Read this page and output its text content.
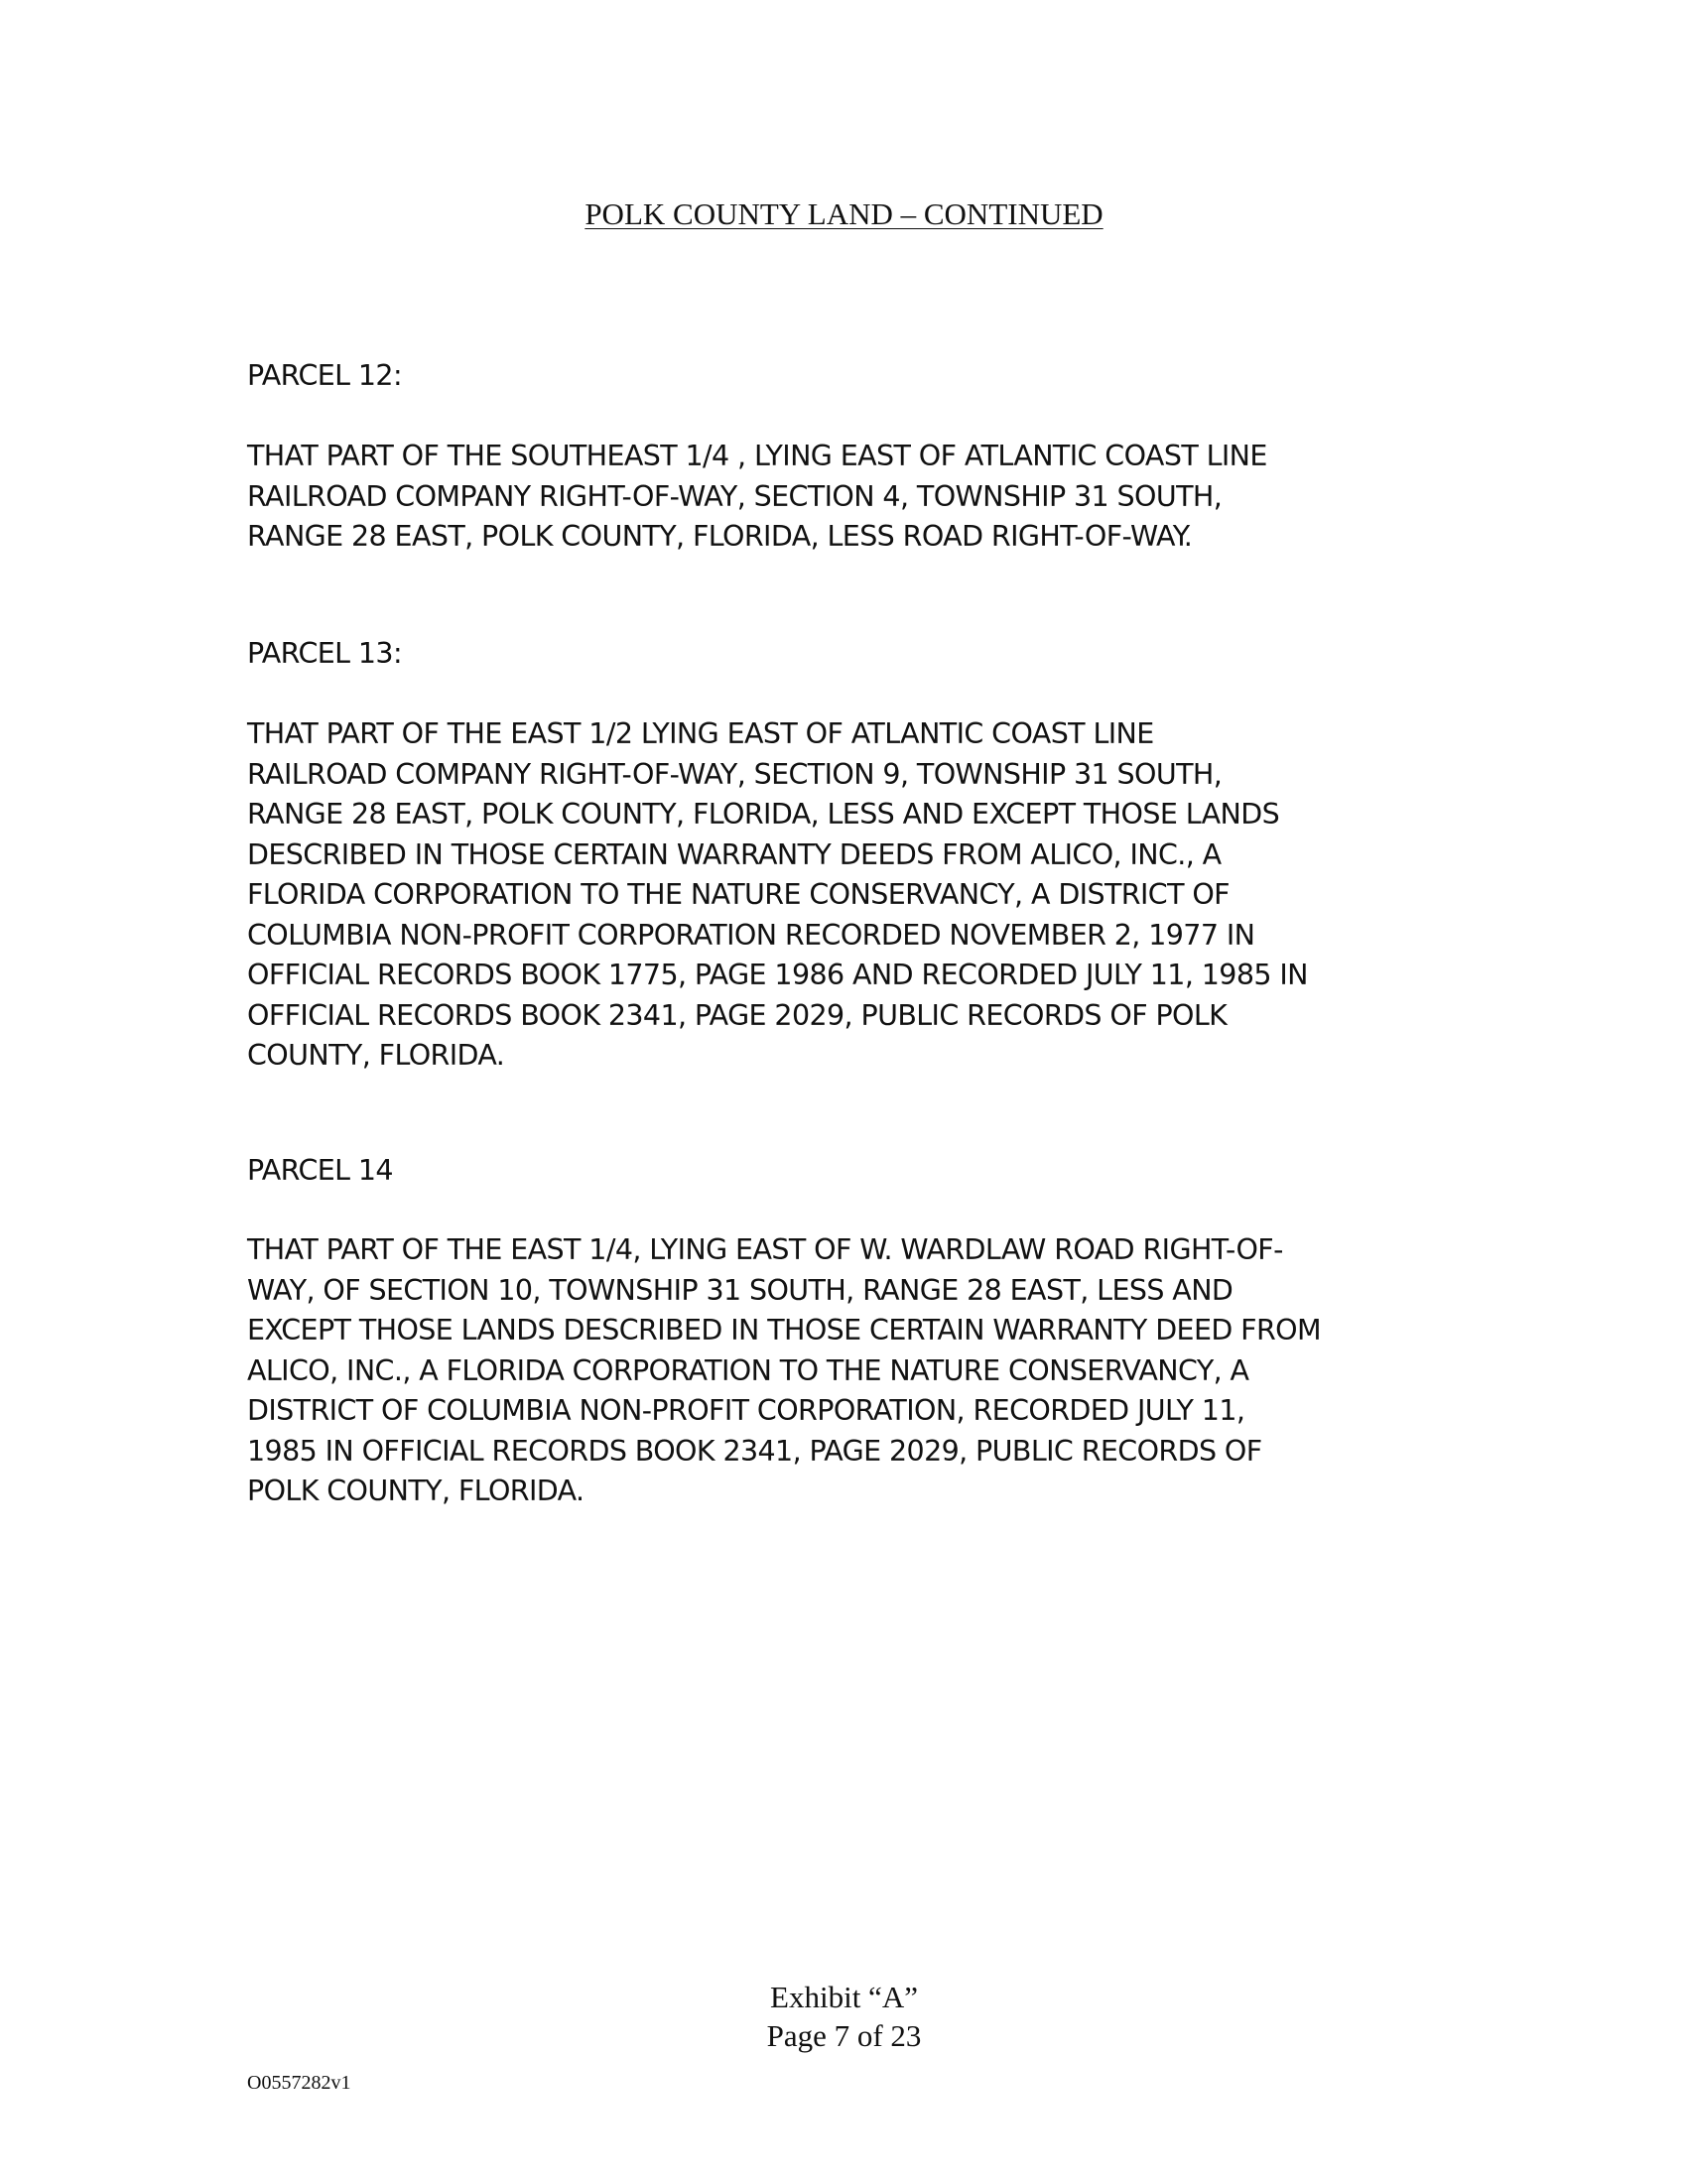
POLK COUNTY LAND – CONTINUED

PARCEL 12:

THAT PART OF THE SOUTHEAST 1/4 , LYING EAST OF ATLANTIC COAST LINE
RAILROAD COMPANY RIGHT-OF-WAY, SECTION 4, TOWNSHIP 31 SOUTH,
RANGE 28 EAST, POLK COUNTY, FLORIDA, LESS ROAD RIGHT-OF-WAY.

PARCEL 13:

THAT PART OF THE EAST 1/2 LYING EAST OF ATLANTIC COAST LINE
RAILROAD COMPANY RIGHT-OF-WAY, SECTION 9, TOWNSHIP 31 SOUTH,
RANGE 28 EAST, POLK COUNTY, FLORIDA, LESS AND EXCEPT THOSE LANDS
DESCRIBED IN THOSE CERTAIN WARRANTY DEEDS FROM ALICO, INC., A
FLORIDA CORPORATION TO THE NATURE CONSERVANCY, A DISTRICT OF
COLUMBIA NON-PROFIT CORPORATION RECORDED NOVEMBER 2, 1977 IN
OFFICIAL RECORDS BOOK 1775, PAGE 1986 AND RECORDED JULY 11, 1985 IN
OFFICIAL RECORDS BOOK 2341, PAGE 2029, PUBLIC RECORDS OF POLK
COUNTY, FLORIDA.

PARCEL 14

THAT PART OF THE EAST 1/4, LYING EAST OF W. WARDLAW ROAD RIGHT-OF-
WAY, OF SECTION 10, TOWNSHIP 31 SOUTH, RANGE 28 EAST, LESS AND
EXCEPT THOSE LANDS DESCRIBED IN THOSE CERTAIN WARRANTY DEED FROM
ALICO, INC., A FLORIDA CORPORATION TO THE NATURE CONSERVANCY, A
DISTRICT OF COLUMBIA NON-PROFIT CORPORATION, RECORDED JULY 11,
1985 IN OFFICIAL RECORDS BOOK 2341, PAGE 2029, PUBLIC RECORDS OF
POLK COUNTY, FLORIDA.

Exhibit “A”

Page 7 of 23

O0557282v1
